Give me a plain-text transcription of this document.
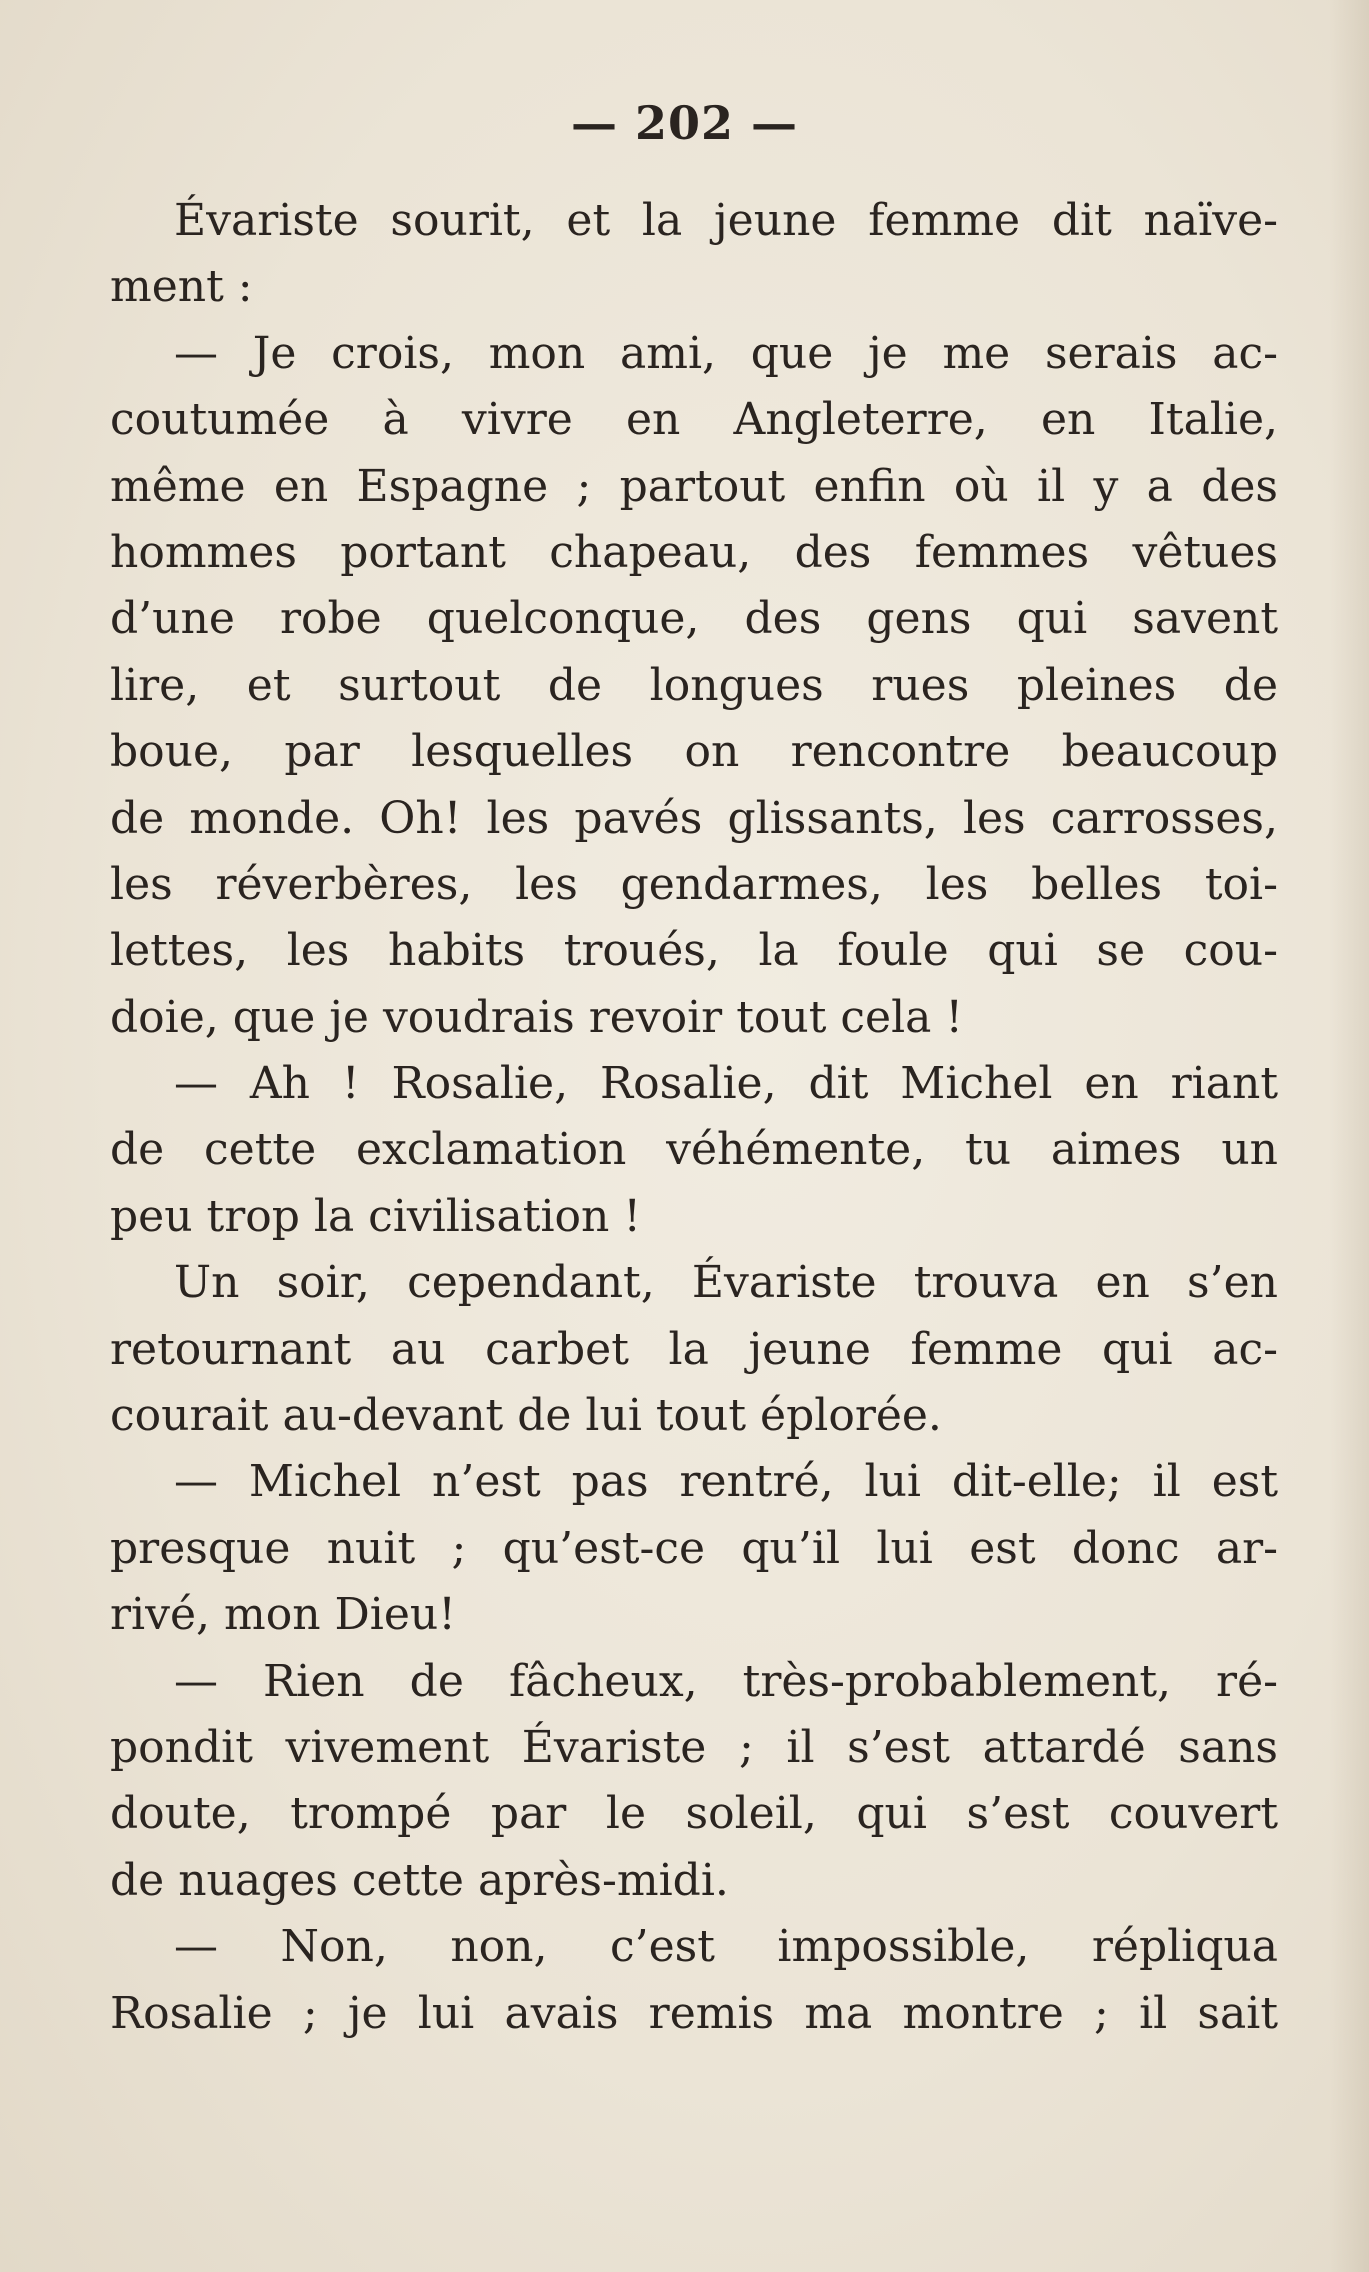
— 202 —
Évariste sourit, et la jeune femme dit naïve-
ment :
— Je crois, mon ami, que je me serais ac-
coutumée à vivre en Angleterre, en Italie,
même en Espagne ; partout enfin où il y a des
hommes portant chapeau, des femmes vêtues
d’une robe quelconque, des gens qui savent
lire, et surtout de longues rues pleines de
boue, par lesquelles on rencontre beaucoup
de monde. Oh! les pavés glissants, les carrosses,
les réverbères, les gendarmes, les belles toi-
lettes, les habits troués, la foule qui se cou-
doie, que je voudrais revoir tout cela !
— Ah ! Rosalie, Rosalie, dit Michel en riant
de cette exclamation véhémente, tu aimes un
peu trop la civilisation !
Un soir, cependant, Évariste trouva en s’en
retournant au carbet la jeune femme qui ac-
courait au-devant de lui tout éplorée.
— Michel n’est pas rentré, lui dit-elle; il est
presque nuit ; qu’est-ce qu’il lui est donc ar-
rivé, mon Dieu!
— Rien de fâcheux, très-probablement, ré-
pondit vivement Évariste ; il s’est attardé sans
doute, trompé par le soleil, qui s’est couvert
de nuages cette après-midi.
— Non, non, c’est impossible, répliqua
Rosalie ; je lui avais remis ma montre ; il sait
